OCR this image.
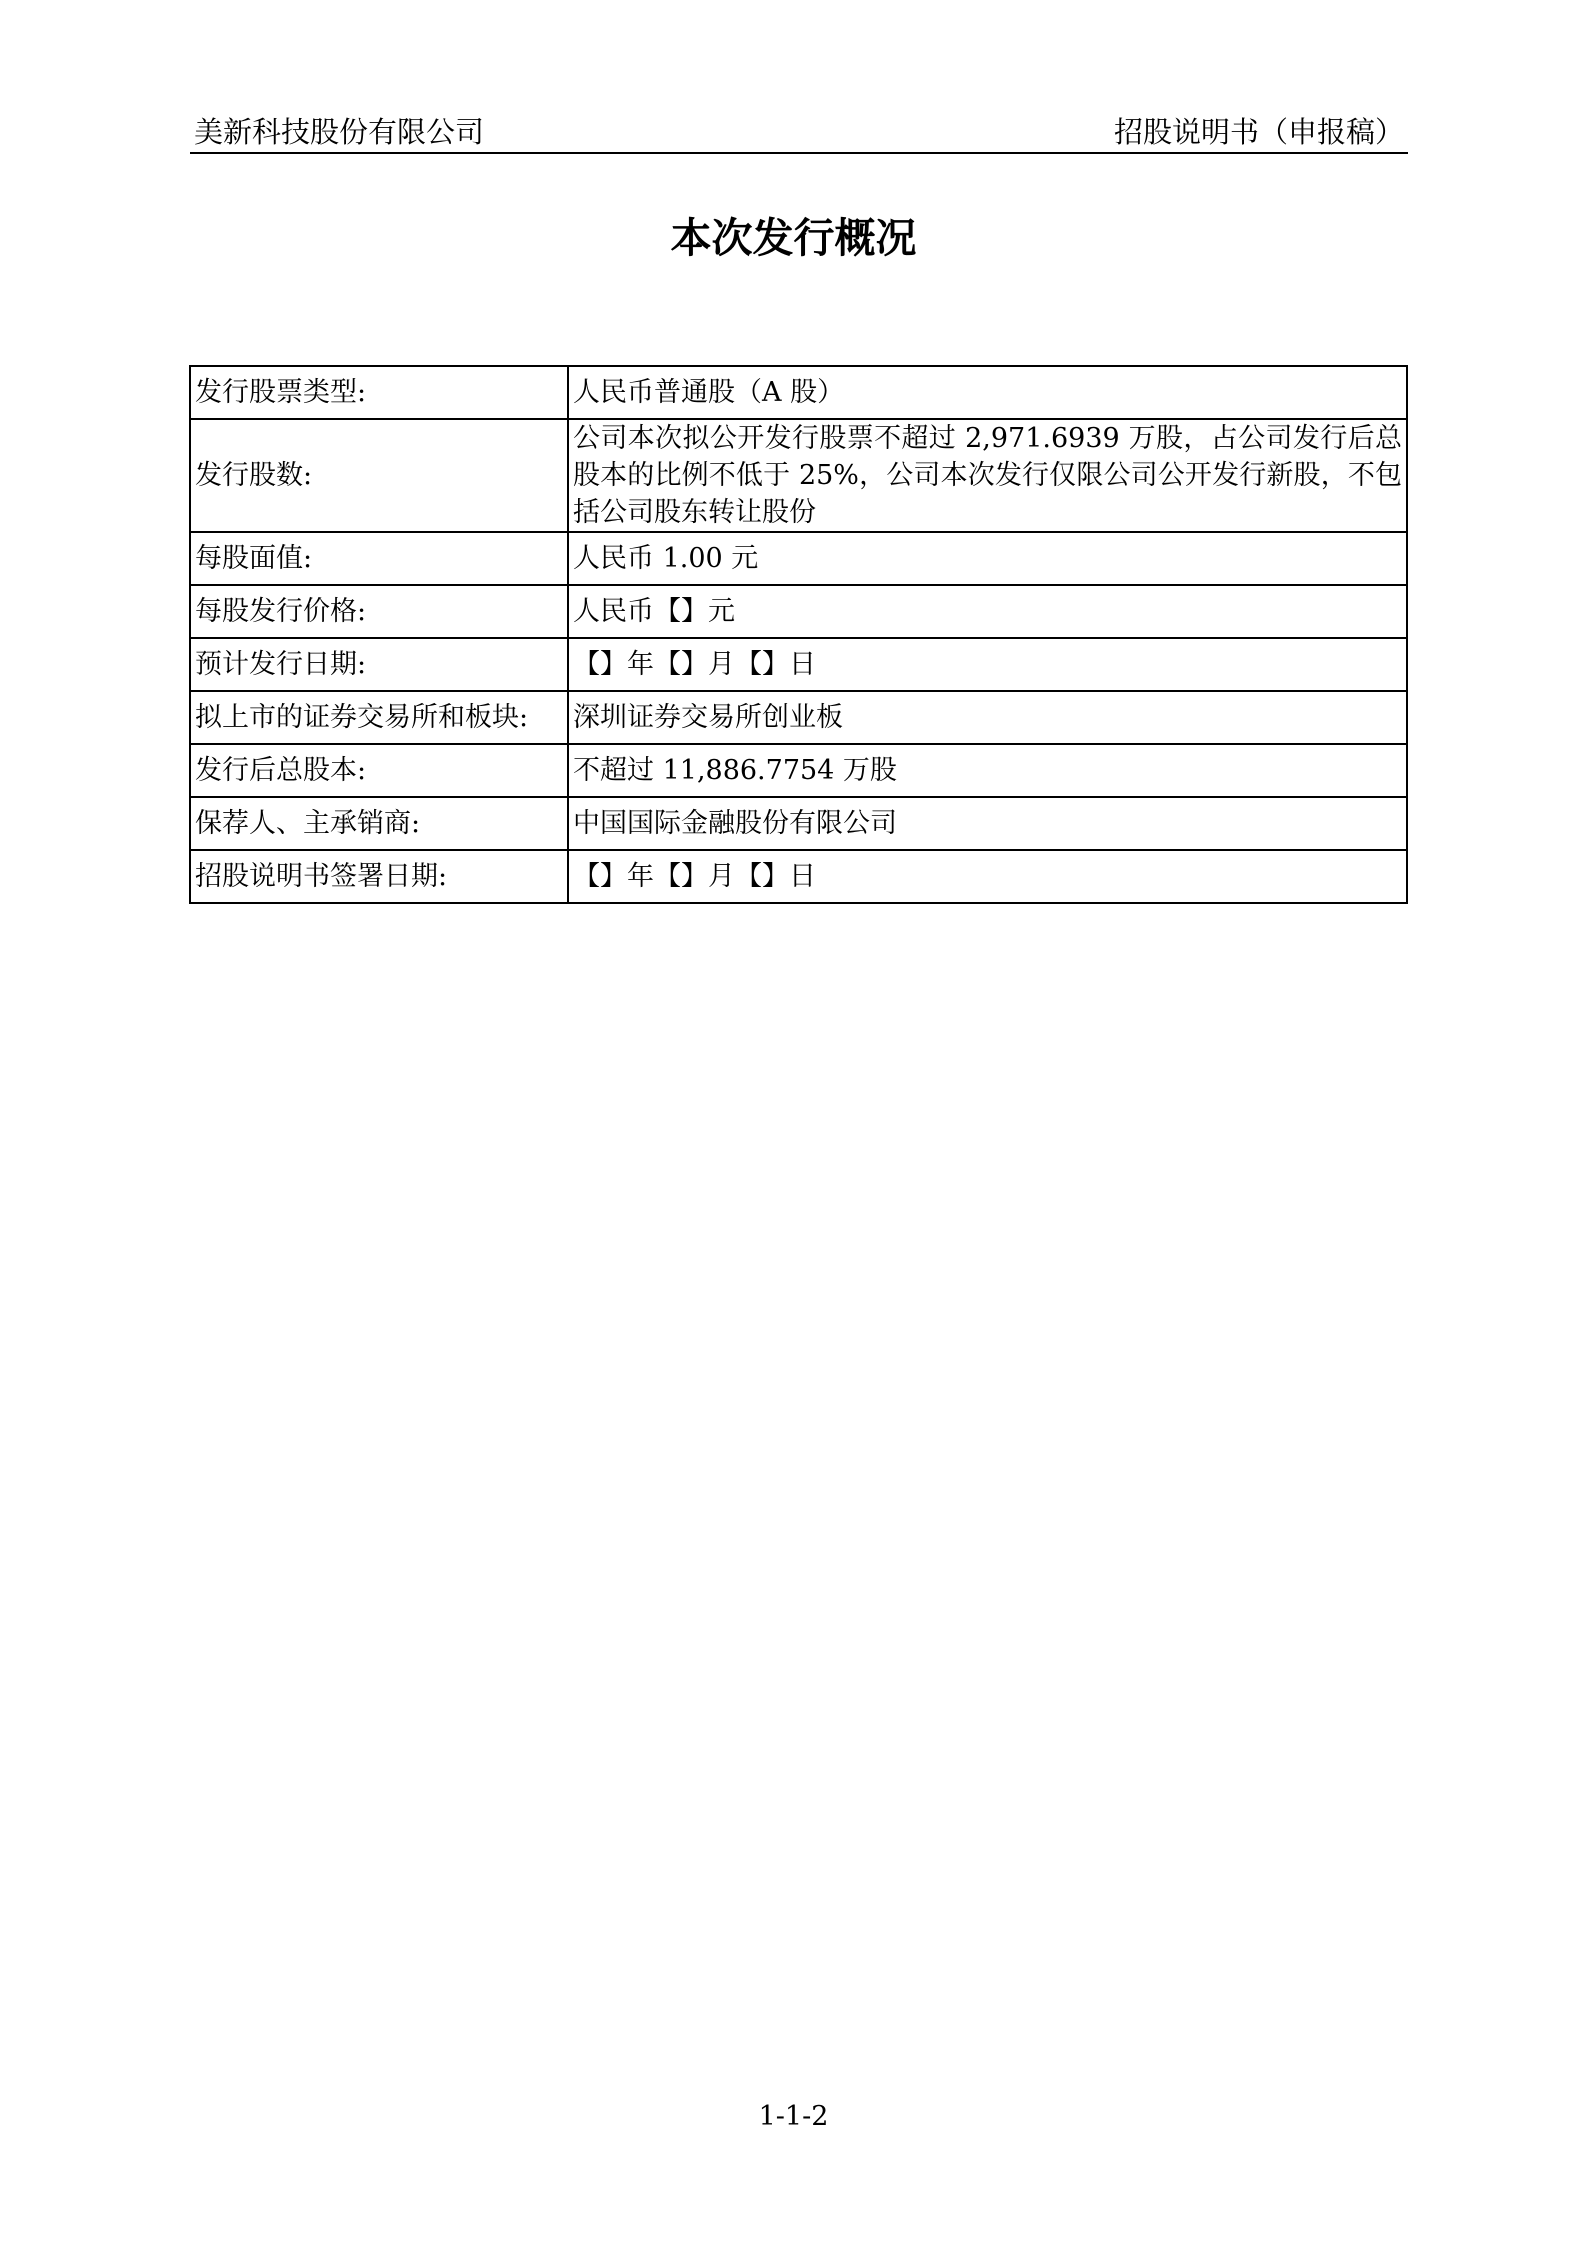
美新科技股份有限公司	招股说明书（申报稿）
本次发行概况
发行股票类型:	人民币普通股（A 股）
发行股数:	公司本次拟公开发行股票不超过 2,971.6939 万股，占公司发行后总股本的比例不低于 25%，公司本次发行仅限公司公开发行新股，不包括公司股东转让股份
每股面值:	人民币 1.00 元
每股发行价格:	人民币【】元
预计发行日期:	【】年【】月【】日
拟上市的证券交易所和板块:	深圳证券交易所创业板
发行后总股本:	不超过 11,886.7754 万股
保荐人、主承销商:	中国国际金融股份有限公司
招股说明书签署日期:	【】年【】月【】日
1-1-2
